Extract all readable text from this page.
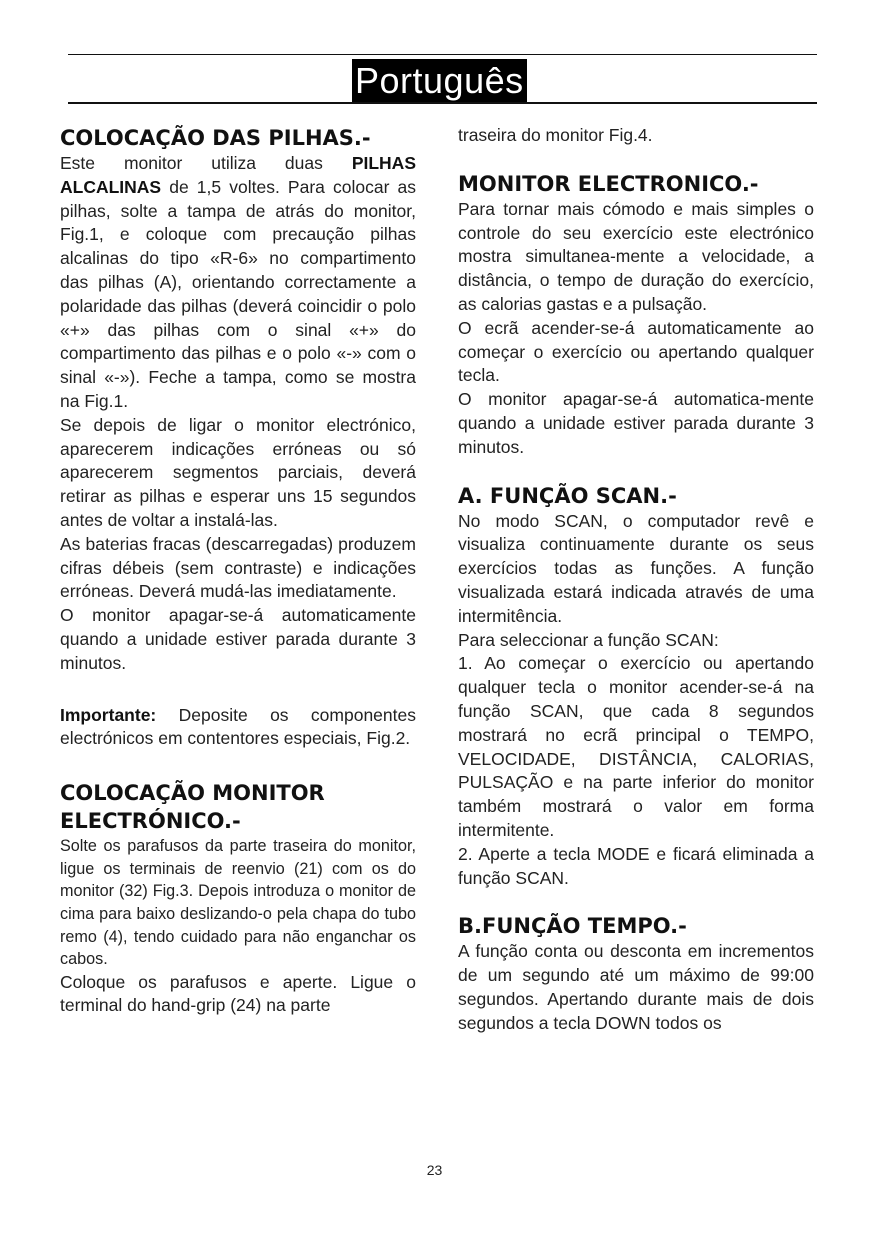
Português
COLOCAÇÃO DAS PILHAS.-

Este monitor utiliza duas PILHAS ALCALINAS de 1,5 voltes. Para colocar as pilhas, solte a tampa de atrás do monitor, Fig.1, e coloque com precaução pilhas alcalinas do tipo «R-6» no compartimento das pilhas (A), orientando correctamente a polaridade das pilhas (deverá coincidir o polo «+» das pilhas com o sinal «+» do compartimento das pilhas e o polo «-» com o sinal «-»). Feche a tampa, como se mostra na Fig.1.

Se depois de ligar o monitor electrónico, aparecerem indicações erróneas ou só aparecerem segmentos parciais, deverá retirar as pilhas e esperar uns 15 segundos antes de voltar a instalá-las.

As baterias fracas (descarregadas) produzem cifras débeis (sem contraste) e indicações erróneas. Deverá mudá-las imediatamente.

O monitor apagar-se-á automaticamente quando a unidade estiver parada durante 3 minutos.

Importante: Deposite os componentes electrónicos em contentores especiais, Fig.2.

COLOCAÇÃO MONITOR ELECTRÓNICO.-

Solte os parafusos da parte traseira do monitor, ligue os terminais de reenvio (21) com os do monitor (32) Fig.3. Depois introduza o monitor de cima para baixo deslizando-o pela chapa do tubo remo (4), tendo cuidado para não enganchar os cabos.

Coloque os parafusos e aperte. Ligue o terminal do hand-grip (24) na parte

traseira do monitor Fig.4.

MONITOR ELECTRONICO.-

Para tornar mais cómodo e mais simples o controle do seu exercício este electrónico mostra simultanea-mente a velocidade, a distância, o tempo de duração do exercício, as calorias gastas e a pulsação.

O ecrã acender-se-á automaticamente ao começar o exercício ou apertando qualquer tecla.

O monitor apagar-se-á automatica-mente quando a unidade estiver parada durante 3 minutos.

A. FUNÇÃO SCAN.-

No modo SCAN, o computador revê e visualiza continuamente durante os seus exercícios todas as funções. A função visualizada estará indicada através de uma intermitência.

Para seleccionar a função SCAN:

1. Ao começar o exercício ou apertando qualquer tecla o monitor acender-se-á na função SCAN, que cada 8 segundos mostrará no ecrã principal o TEMPO, VELOCIDADE, DISTÂNCIA, CALORIAS, PULSAÇÃO e na parte inferior do monitor também mostrará o valor em forma intermitente.

2. Aperte a tecla MODE e ficará eliminada a função SCAN.

B.FUNÇÃO TEMPO.-

A função conta ou desconta em incrementos de um segundo até um máximo de 99:00 segundos. Apertando durante mais de dois segundos a tecla DOWN todos os

23
